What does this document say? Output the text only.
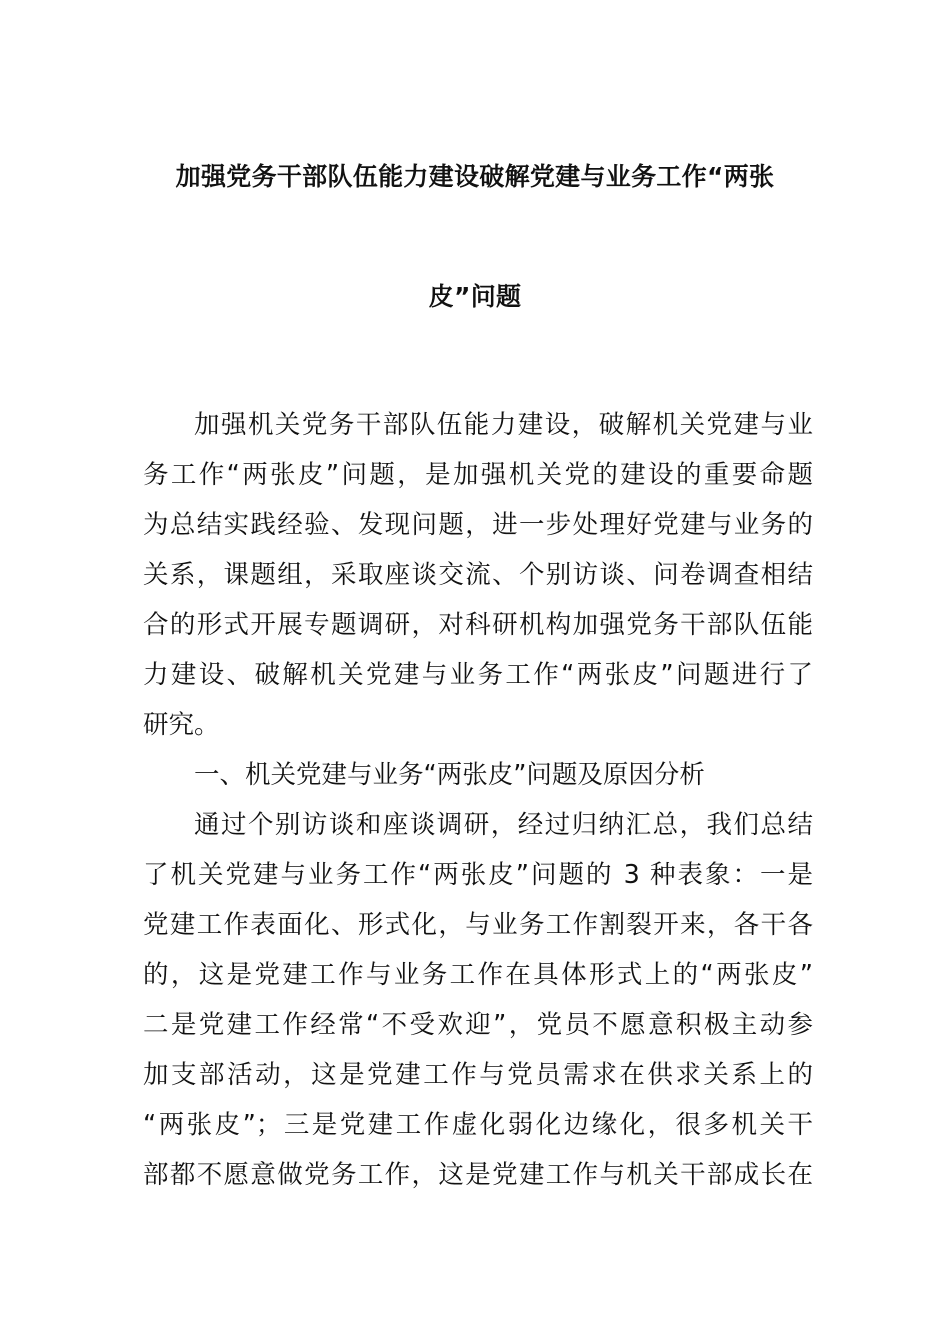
加强党务干部队伍能力建设破解党建与业务工作“两张
皮”问题
加强机关党务干部队伍能力建设，破解机关党建与业
务工作“两张皮”问题，是加强机关党的建设的重要命题
为总结实践经验、发现问题，进一步处理好党建与业务的
关系，课题组，采取座谈交流、个别访谈、问卷调查相结
合的形式开展专题调研，对科研机构加强党务干部队伍能
力建设、破解机关党建与业务工作“两张皮”问题进行了
研究。
一、机关党建与业务“两张皮”问题及原因分析
通过个别访谈和座谈调研，经过归纳汇总，我们总结
了机关党建与业务工作“两张皮”问题的 3 种表象：一是
党建工作表面化、形式化，与业务工作割裂开来，各干各
的，这是党建工作与业务工作在具体形式上的“两张皮”
二是党建工作经常“不受欢迎”，党员不愿意积极主动参
加支部活动，这是党建工作与党员需求在供求关系上的
“两张皮”；三是党建工作虚化弱化边缘化，很多机关干
部都不愿意做党务工作，这是党建工作与机关干部成长在
